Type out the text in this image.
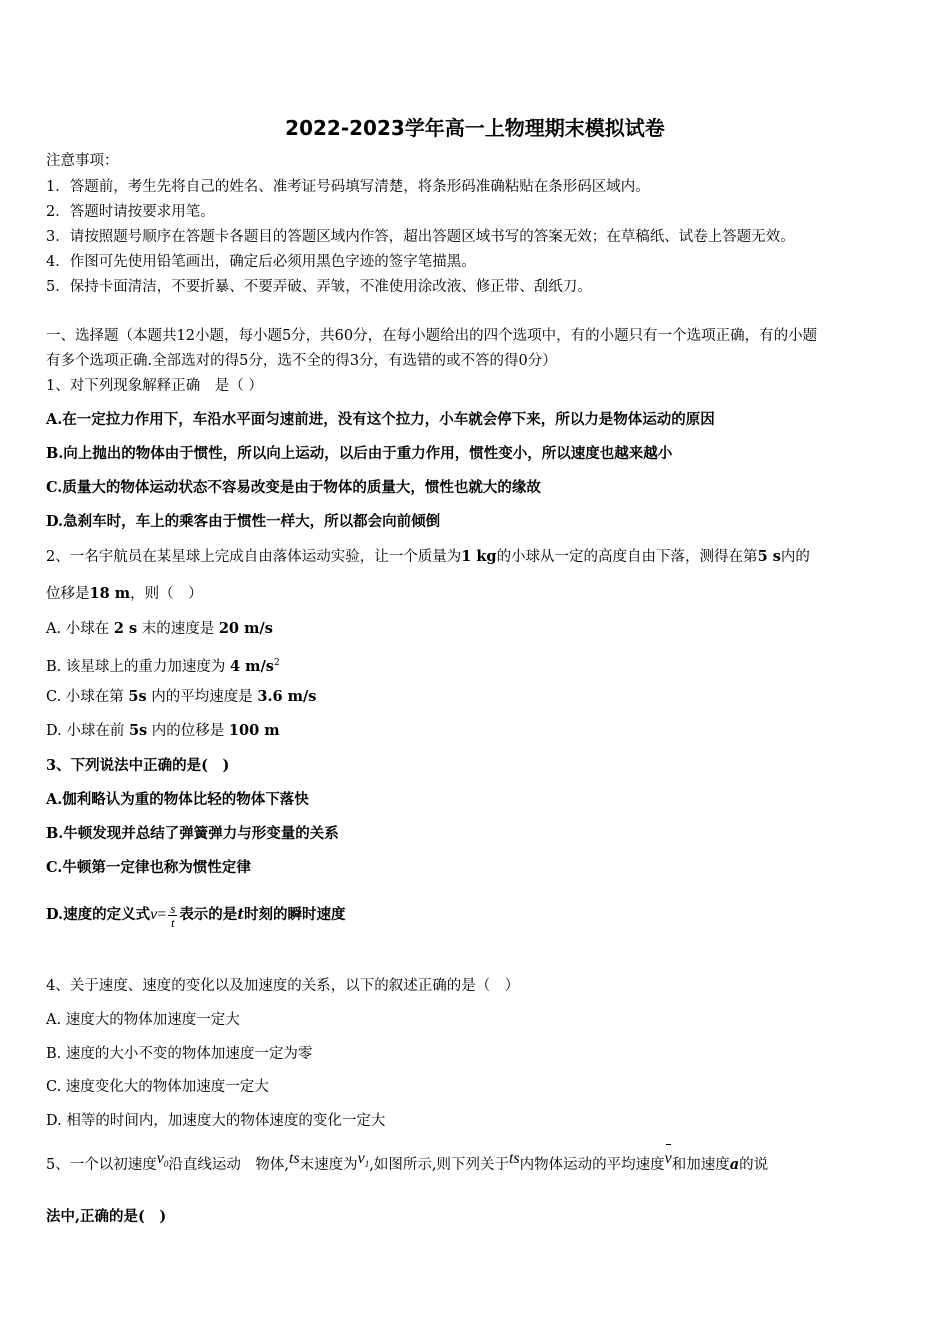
2022-2023学年高一上物理期末模拟试卷
注意事项：
1．答题前，考生先将自己的姓名、准考证号码填写清楚，将条形码准确粘贴在条形码区域内。
2．答题时请按要求用笔。
3．请按照题号顺序在答题卡各题目的答题区域内作答，超出答题区域书写的答案无效；在草稿纸、试卷上答题无效。
4．作图可先使用铅笔画出，确定后必须用黑色字迹的签字笔描黑。
5．保持卡面清洁，不要折暴、不要弄破、弄皱，不准使用涂改液、修正带、刮纸刀。
一、选择题（本题共12小题，每小题5分，共60分，在每小题给出的四个选项中，有的小题只有一个选项正确，有的小题
有多个选项正确.全部选对的得5分，选不全的得3分，有选错的或不答的得0分）
1、对下列现象解释正确　是（ ）
A.在一定拉力作用下，车沿水平面匀速前进，没有这个拉力，小车就会停下来，所以力是物体运动的原因
B.向上抛出的物体由于惯性，所以向上运动，以后由于重力作用，惯性变小，所以速度也越来越小
C.质量大的物体运动状态不容易改变是由于物体的质量大，惯性也就大的缘故
D.急刹车时，车上的乘客由于惯性一样大，所以都会向前倾倒
2、一名宇航员在某星球上完成自由落体运动实验，让一个质量为1 kg的小球从一定的高度自由下落，测得在第5 s内的
位移是18 m，则（　）
A. 小球在 2 s 末的速度是 20 m/s
B. 该星球上的重力加速度为 4 $m/s^2$
C. 小球在第 5s 内的平均速度是 3.6 m/s
D. 小球在前 5s 内的位移是 100 m
3、下列说法中正确的是(　)
A.伽利略认为重的物体比轻的物体下落快
B.牛顿发现并总结了弹簧弹力与形变量的关系
C.牛顿第一定律也称为惯性定律
D.速度的定义式$v= \frac{s}{t}$ 表示的是t时刻的瞬时速度
4、关于速度、速度的变化以及加速度的关系，以下的叙述正确的是（　）
A. 速度大的物体加速度一定大
B. 速度的大小不变的物体加速度一定为零
C. 速度变化大的物体加速度一定大
D. 相等的时间内，加速度大的物体速度的变化一定大
5、一个以初速度$v_0$沿直线运动　物体,ts末速度为$v_1$,如图所示,则下列关于ts内物体运动的平均速度v和加速度a的说
法中,正确的是(　)
